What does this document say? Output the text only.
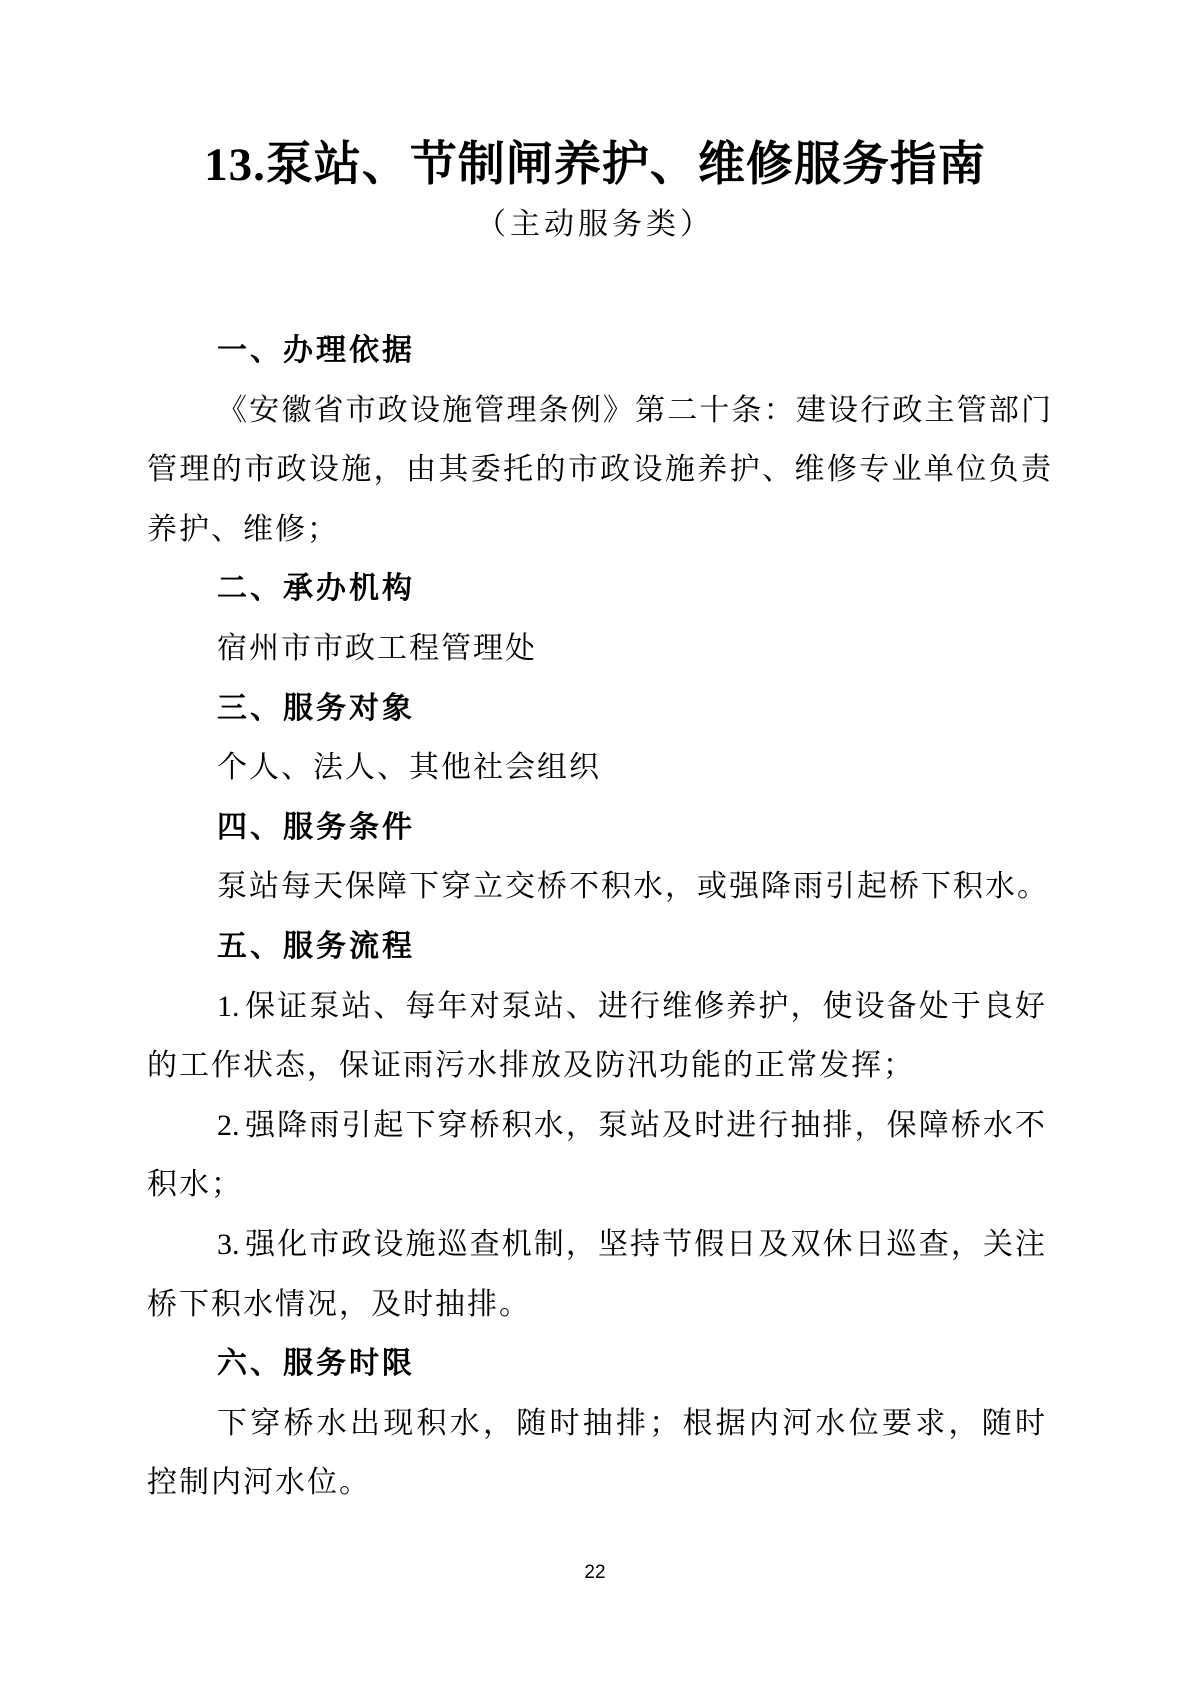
13.泵站、节制闸养护、维修服务指南
（主动服务类）
一、办理依据

《安徽省市政设施管理条例》第二十条：建设行政主管部门管理的市政设施，由其委托的市政设施养护、维修专业单位负责养护、维修；

二、承办机构

宿州市市政工程管理处

三、服务对象

个人、法人、其他社会组织

四、服务条件

泵站每天保障下穿立交桥不积水，或强降雨引起桥下积水。

五、服务流程

1. 保证泵站、每年对泵站、进行维修养护，使设备处于良好的工作状态，保证雨污水排放及防汛功能的正常发挥；

2. 强降雨引起下穿桥积水，泵站及时进行抽排，保障桥水不积水；

3. 强化市政设施巡查机制，坚持节假日及双休日巡查，关注桥下积水情况，及时抽排。

六、服务时限

下穿桥水出现积水，随时抽排；根据内河水位要求，随时控制内河水位。

22
